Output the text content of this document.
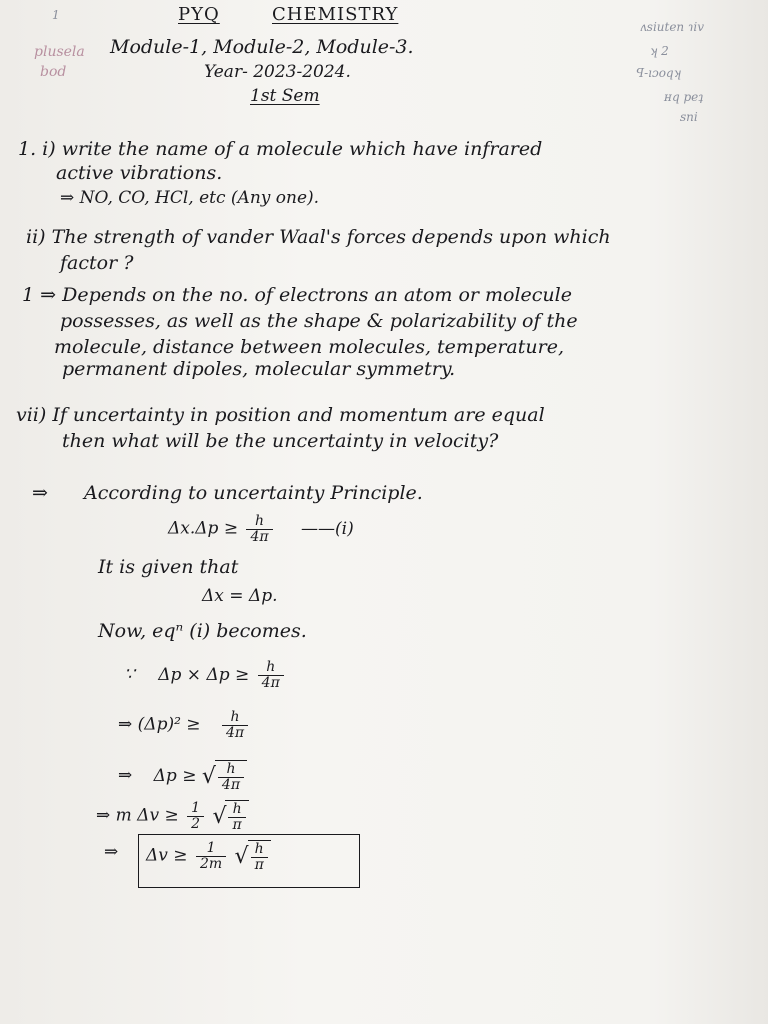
1	PYQ	CHEMISTRY
plusela
bod
Module-1, Module-2, Module-3.
Year- 2023-2024.
1st Sem
ʌsiuten ɿiv
ʞ 2
ꟼ-ıɔoqʞ
ʜq peʇ
ꜱni
1. i) write the name of a molecule which have infrared
active vibrations.
⇒ NO, CO, HCl, etc (Any one).
ii) The strength of vander Waal's forces depends upon which
factor ?
1 ⇒ Depends on the no. of electrons an atom or molecule
possesses, as well as the shape & polarizability of the
molecule, distance between molecules, temperature,
permanent dipoles, molecular symmetry.
vii) If uncertainty in position and momentum are equal
then what will be the uncertainty in velocity?
⇒ According to uncertainty Principle.
$\Delta x.\Delta p \ge \frac{h}{4\pi}$ ——(i)
It is given that
Δx = Δp.
Now, eqⁿ (i) becomes.
∵ $\Delta p \times \Delta p \ge \frac{h}{4\pi}$
⇒ $(\Delta p)^2 \ge \frac{h}{4\pi}$
⇒ Δp ≥ √ $\frac{h}{4\pi}$
⇒ m $\Delta v \ge \frac{1}{2}$
√ $\frac{h}{\pi}$
⇒ $\Delta v \ge \frac{1}{2m}$
√ $\frac{h}{\pi}$
